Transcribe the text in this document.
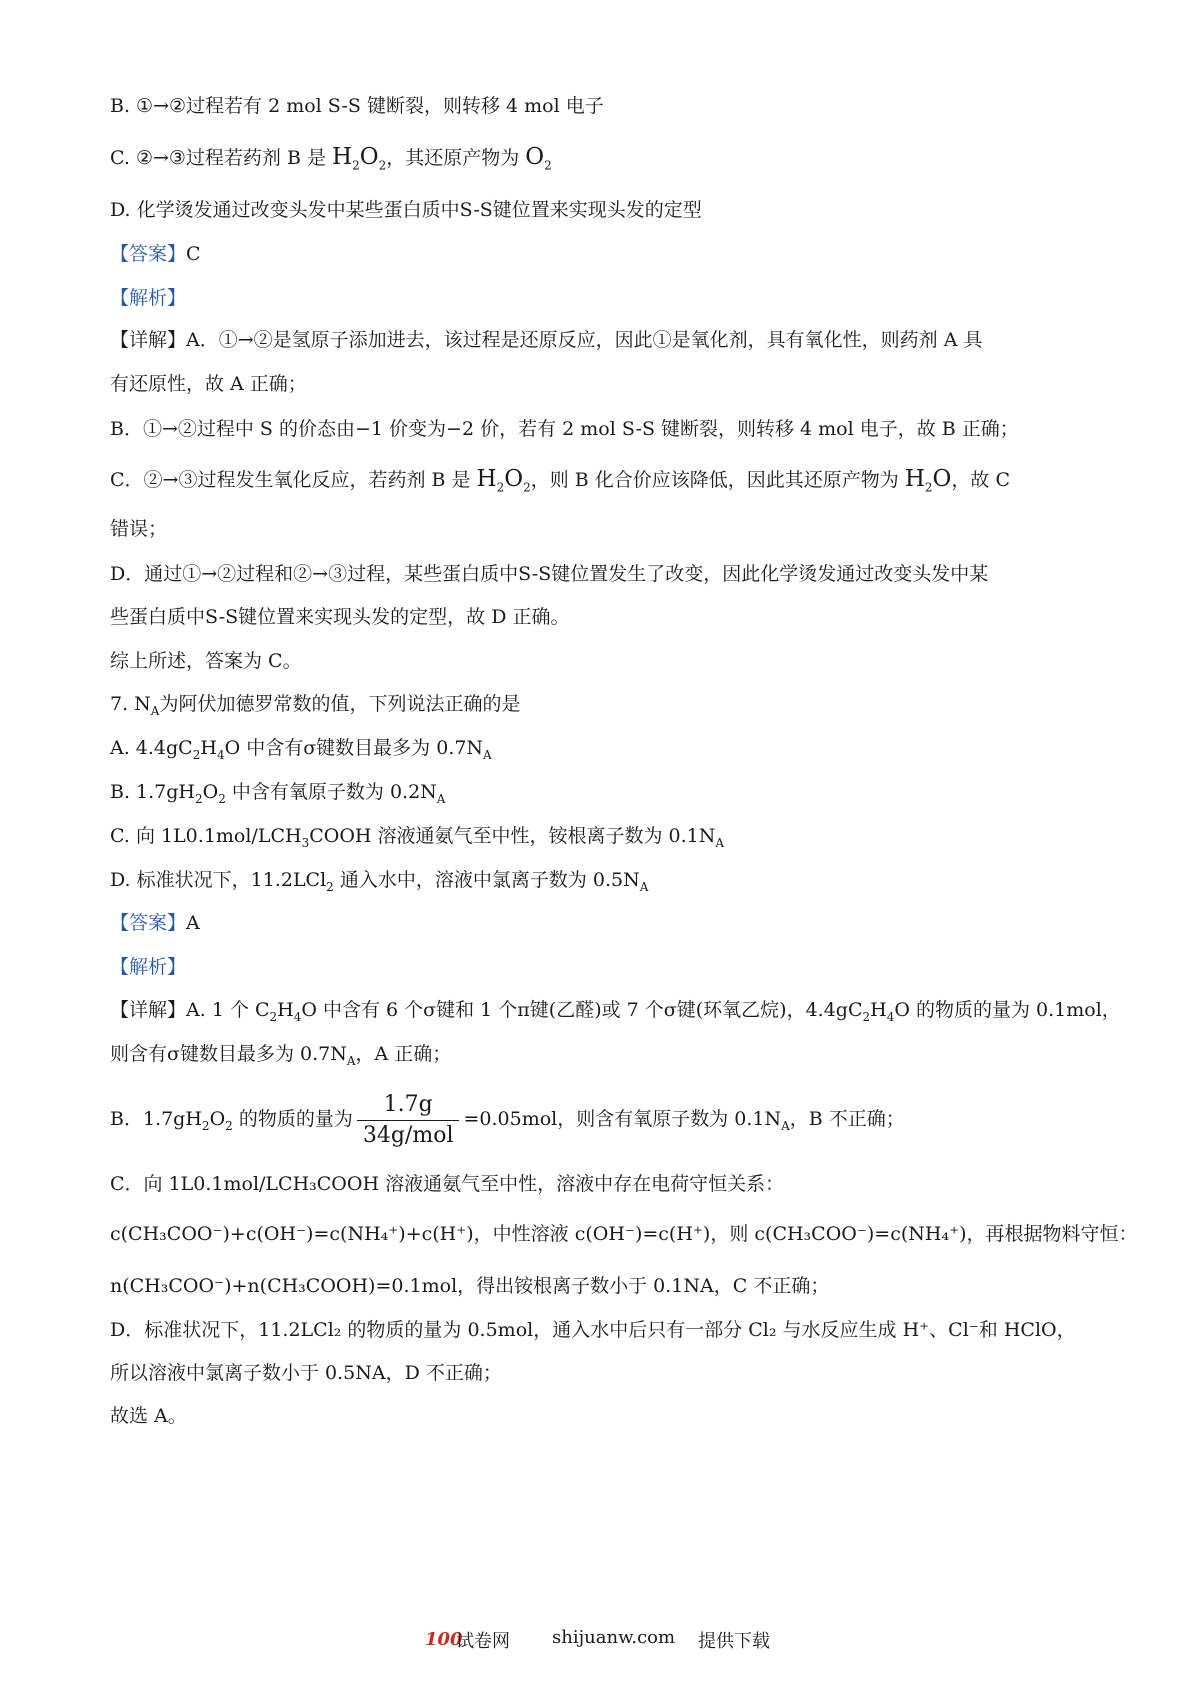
B. ①→②过程若有 2 mol S-S 键断裂，则转移 4 mol 电子
C. ②→③过程若药剂 B 是 $H_2O_2$，其还原产物为 $O_2$
D. 化学烫发通过改变头发中某些蛋白质中S-S键位置来实现头发的定型
【答案】C
【解析】
【详解】A．①→②是氢原子添加进去，该过程是还原反应，因此①是氧化剂，具有氧化性，则药剂 A 具
有还原性，故 A 正确；
B．①→②过程中 S 的价态由−1 价变为−2 价，若有 2 mol S-S 键断裂，则转移 4 mol 电子，故 B 正确；
C．②→③过程发生氧化反应，若药剂 B 是 $H_2O_2$，则 B 化合价应该降低，因此其还原产物为 $H_2O$，故 C
错误；
D．通过①→②过程和②→③过程，某些蛋白质中S-S键位置发生了改变，因此化学烫发通过改变头发中某
些蛋白质中S-S键位置来实现头发的定型，故 D 正确。
综上所述，答案为 C。
7. $N_A$为阿伏加德罗常数的值，下列说法正确的是
A. $4.4gC_2H_4O$ 中含有σ键数目最多为 $0.7N_A$
B. $1.7gH_2O_2$ 中含有氧原子数为 $0.2N_A$
C. 向 $1L0.1mol/LCH_3COOH$ 溶液通氨气至中性，铵根离子数为 $0.1N_A$
D. 标准状况下，11.2LCl$_2$ 通入水中，溶液中氯离子数为 $0.5N_A$
【答案】A
【解析】
【详解】A. 1 个 $C_2H_4O$ 中含有 6 个σ键和 1 个π键(乙醛)或 7 个σ键(环氧乙烷)，$4.4gC_2H_4O$ 的物质的量为 0.1mol，
则含有σ键数目最多为 $0.7N_A$，A 正确；
B．$1.7gH_2O_2$ 的物质的量为 $\frac{1.7g}{\text{34g/mol}} =0.05mol$，则含有氧原子数为 $0.1N_A$，B 不正确；
C．向 1L0.1mol/LCH₃COOH 溶液通氨气至中性，溶液中存在电荷守恒关系：
c(CH₃COO⁻)+c(OH⁻)=c(NH₄⁺)+c(H⁺)，中性溶液 c(OH⁻)=c(H⁺)，则 c(CH₃COO⁻)=c(NH₄⁺)，再根据物料守恒：
n(CH₃COO⁻)+n(CH₃COOH)=0.1mol，得出铵根离子数小于 0.1NA，C 不正确；
D．标准状况下，11.2LCl₂ 的物质的量为 0.5mol，通入水中后只有一部分 Cl₂ 与水反应生成 H⁺、Cl⁻和 HClO，
所以溶液中氯离子数小于 0.5NA，D 不正确；
故选 A。
100
试卷网 shijuanw.com 提供下载
